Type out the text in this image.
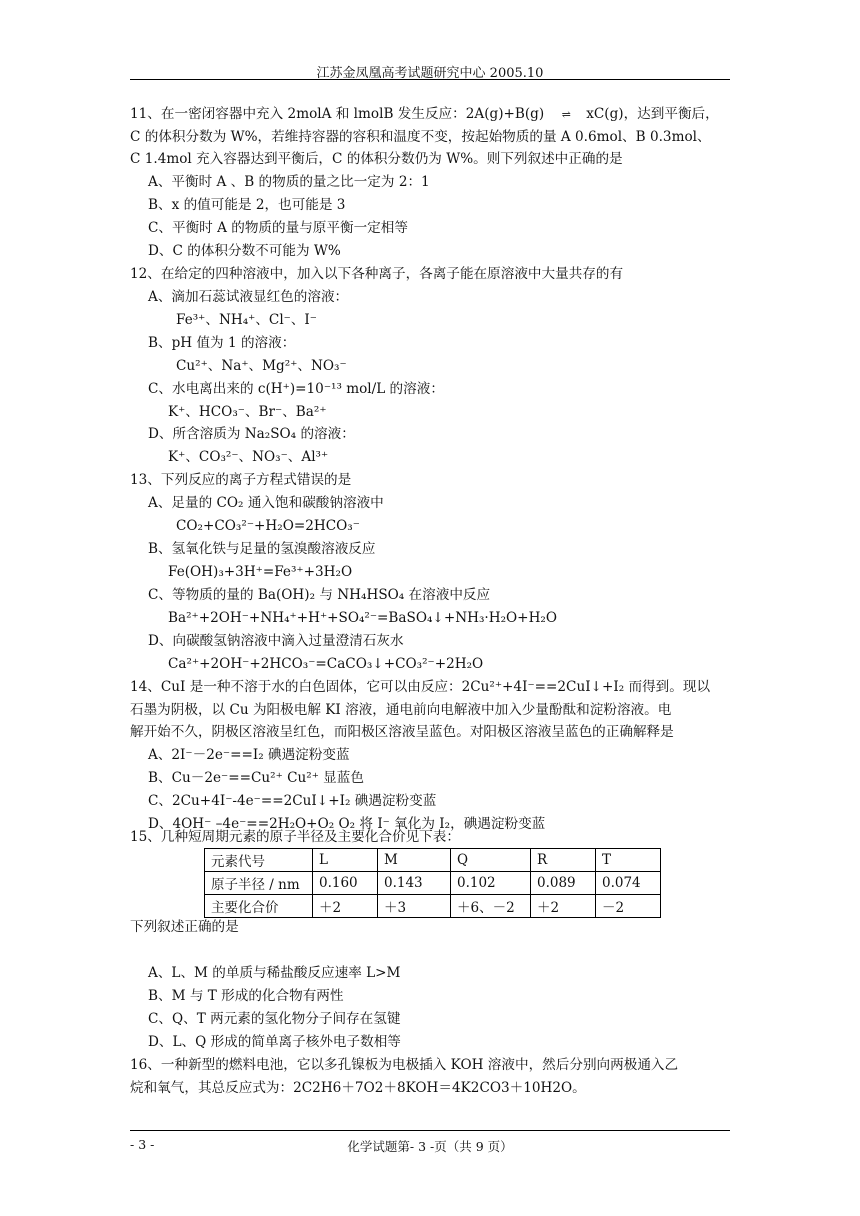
江苏金凤凰高考试题研究中心 2005.10
11、在一密闭容器中充入 2molA 和 lmolB 发生反应：2A(g)+B(g) ⇌ xC(g)，达到平衡后，
C 的体积分数为 W%，若维持容器的容积和温度不变，按起始物质的量 A 0.6mol、B 0.3mol、
C 1.4mol 充入容器达到平衡后，C 的体积分数仍为 W%。则下列叙述中正确的是
A、平衡时 A 、B 的物质的量之比一定为 2：1
B、x 的值可能是 2，也可能是 3
C、平衡时 A 的物质的量与原平衡一定相等
D、C 的体积分数不可能为 W%
12、在给定的四种溶液中，加入以下各种离子，各离子能在原溶液中大量共存的有
A、滴加石蕊试液显红色的溶液：
Fe³⁺、NH₄⁺、Cl⁻、I⁻
B、pH 值为 1 的溶液：
Cu²⁺、Na⁺、Mg²⁺、NO₃⁻
C、水电离出来的 c(H⁺)=10⁻¹³ mol/L 的溶液：
K⁺、HCO₃⁻、Br⁻、Ba²⁺
D、所含溶质为 Na₂SO₄ 的溶液：
K⁺、CO₃²⁻、NO₃⁻、Al³⁺
13、下列反应的离子方程式错误的是
A、足量的 CO₂ 通入饱和碳酸钠溶液中
CO₂+CO₃²⁻+H₂O=2HCO₃⁻
B、氢氧化铁与足量的氢溴酸溶液反应
Fe(OH)₃+3H⁺=Fe³⁺+3H₂O
C、等物质的量的 Ba(OH)₂ 与 NH₄HSO₄ 在溶液中反应
Ba²⁺+2OH⁻+NH₄⁺+H⁺+SO₄²⁻=BaSO₄↓+NH₃·H₂O+H₂O
D、向碳酸氢钠溶液中滴入过量澄清石灰水
Ca²⁺+2OH⁻+2HCO₃⁻=CaCO₃↓+CO₃²⁻+2H₂O
14、CuI 是一种不溶于水的白色固体，它可以由反应：2Cu²⁺+4I⁻==2CuI↓+I₂ 而得到。现以
石墨为阴极，以 Cu 为阳极电解 KI 溶液，通电前向电解液中加入少量酚酞和淀粉溶液。电
解开始不久，阴极区溶液呈红色，而阳极区溶液呈蓝色。对阳极区溶液呈蓝色的正确解释是
A、2I⁻－2e⁻==I₂ 碘遇淀粉变蓝
B、Cu－2e⁻==Cu²⁺ Cu²⁺ 显蓝色
C、2Cu+4I⁻-4e⁻==2CuI↓+I₂ 碘遇淀粉变蓝
D、4OH⁻ –4e⁻==2H₂O+O₂ O₂ 将 I⁻ 氧化为 I₂，碘遇淀粉变蓝
15、几种短周期元素的原子半径及主要化合价见下表：
元素代号	L	M	Q	R	T
原子半径 / nm	0.160	0.143	0.102	0.089	0.074
主要化合价	＋2	＋3	＋6、－2	＋2	－2
下列叙述正确的是
A、L、M 的单质与稀盐酸反应速率 L>M
B、M 与 T 形成的化合物有两性
C、Q、T 两元素的氢化物分子间存在氢键
D、L、Q 形成的简单离子核外电子数相等
16、一种新型的燃料电池，它以多孔镍板为电极插入 KOH 溶液中，然后分别向两极通入乙
烷和氧气，其总反应式为：2C2H6＋7O2＋8KOH＝4K2CO3＋10H2O。
- 3 -	化学试题第- 3 -页（共 9 页）
